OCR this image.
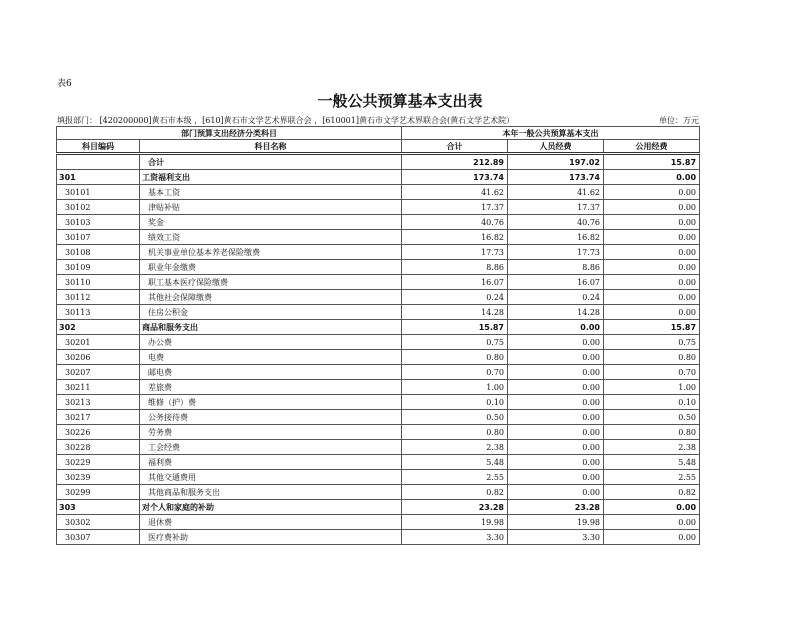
表6
一般公共预算基本支出表
填报部门： [420200000]黄石市本级 ，[610]黄石市文学艺术界联合会 ，[610001]黄石市文学艺术界联合会(黄石文学艺术院）	单位：万元
部门预算支出经济分类科目		本年一般公共预算基本支出		
科目编码	科目名称	合计	人员经费	公用经费
	合计	212.89	197.02	15.87
301	工资福利支出	173.74	173.74	0.00
30101	基本工资	41.62	41.62	0.00
30102	津贴补贴	17.37	17.37	0.00
30103	奖金	40.76	40.76	0.00
30107	绩效工资	16.82	16.82	0.00
30108	机关事业单位基本养老保险缴费	17.73	17.73	0.00
30109	职业年金缴费	8.86	8.86	0.00
30110	职工基本医疗保险缴费	16.07	16.07	0.00
30112	其他社会保障缴费	0.24	0.24	0.00
30113	住房公积金	14.28	14.28	0.00
302	商品和服务支出	15.87	0.00	15.87
30201	办公费	0.75	0.00	0.75
30206	电费	0.80	0.00	0.80
30207	邮电费	0.70	0.00	0.70
30211	差旅费	1.00	0.00	1.00
30213	维修（护）费	0.10	0.00	0.10
30217	公务接待费	0.50	0.00	0.50
30226	劳务费	0.80	0.00	0.80
30228	工会经费	2.38	0.00	2.38
30229	福利费	5.48	0.00	5.48
30239	其他交通费用	2.55	0.00	2.55
30299	其他商品和服务支出	0.82	0.00	0.82
303	对个人和家庭的补助	23.28	23.28	0.00
30302	退休费	19.98	19.98	0.00
30307	医疗费补助	3.30	3.30	0.00
